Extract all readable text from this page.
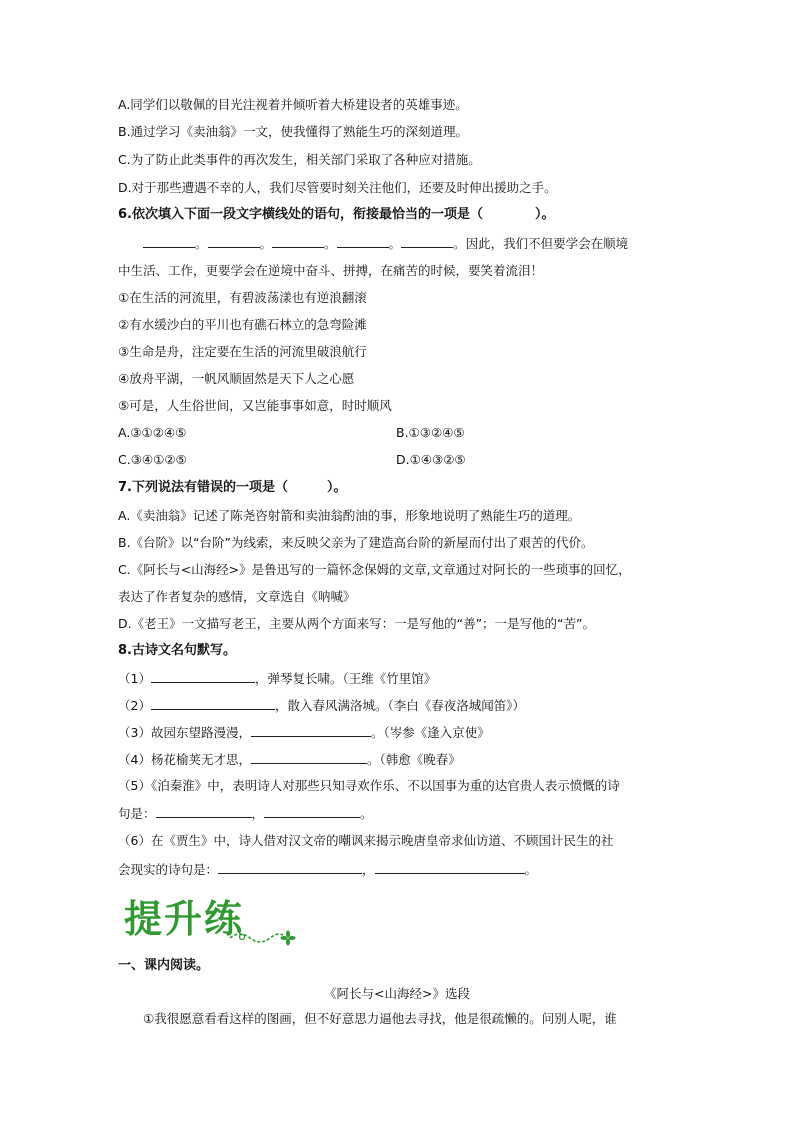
A.同学们以敬佩的目光注视着并倾听着大桥建设者的英雄事迹。
B.通过学习《卖油翁》一文，使我懂得了熟能生巧的深刻道理。
C.为了防止此类事件的再次发生，相关部门采取了各种应对措施。
D.对于那些遭遇不幸的人，我们尽管要时刻关注他们，还要及时伸出援助之手。
6.依次填入下面一段文字横线处的语句，衔接最恰当的一项是（　　　　）。
。	。	。	。	。因此，我们不但要学会在顺境
中生活、工作，更要学会在逆境中奋斗、拼搏，在痛苦的时候，要笑着流泪！
①在生活的河流里，有碧波荡漾也有逆浪翻滚
②有水缓沙白的平川也有礁石林立的急弯险滩
③生命是舟，注定要在生活的河流里破浪航行
④放舟平湖，一帆风顺固然是天下人之心愿
⑤可是，人生俗世间，又岂能事事如意，时时顺风
A.③①②④⑤	B.①③②④⑤
C.③④①②⑤	D.①④③②⑤
7.下列说法有错误的一项是（　　　）。
A.《卖油翁》记述了陈尧咨射箭和卖油翁酌油的事，形象地说明了熟能生巧的道理。
B.《台阶》以“台阶”为线索，来反映父亲为了建造高台阶的新屋而付出了艰苦的代价。
C.《阿长与<山海经>》是鲁迅写的一篇怀念保姆的文章,文章通过对阿长的一些琐事的回忆，
表达了作者复杂的感情，文章选自《呐喊》
D.《老王》一文描写老王，主要从两个方面来写：一是写他的“善”；一是写他的“苦”。
8.古诗文名句默写。
（1）	，弹琴复长啸。（王维《竹里馆》
（2）	，散入春风满洛城。（李白《春夜洛城闻笛》）
（3）故园东望路漫漫，	。（岑参《逢入京使》
（4）杨花榆荚无才思，	。（韩愈《晚春》
（5）《泊秦淮》中，表明诗人对那些只知寻欢作乐、不以国事为重的达官贵人表示愤慨的诗
句是：	，	。
（6）在《贾生》中，诗人借对汉文帝的嘲讽来揭示晚唐皇帝求仙访道、不顾国计民生的社
会现实的诗句是：	，	。
提升练
一、课内阅读。
《阿长与<山海经>》选段
①我很愿意看看这样的图画，但不好意思力逼他去寻找，他是很疏懒的。问别人呢，谁
